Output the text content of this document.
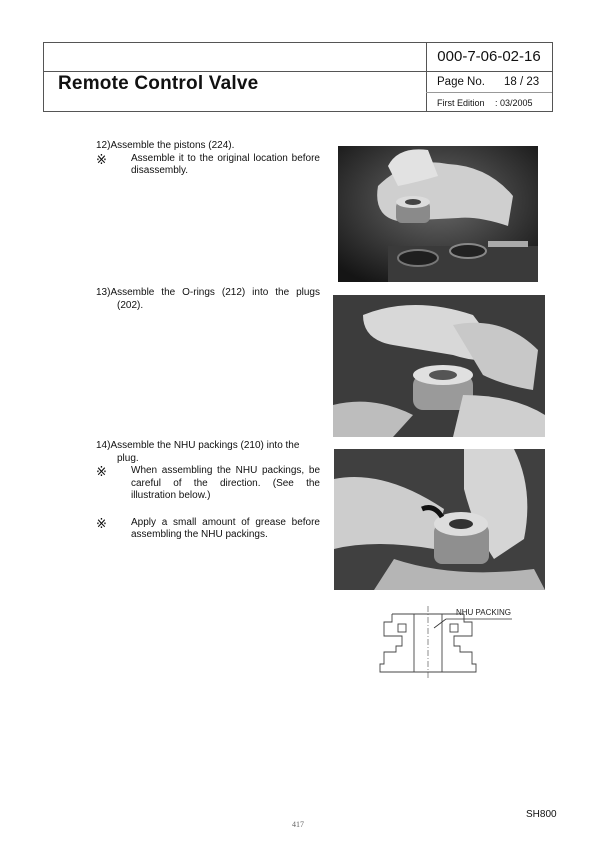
000-7-06-02-16
Remote Control Valve	Page No. 18 / 23
First Edition : 03/2005
12)Assemble the pistons (224).
※ Assemble it to the original location before disassembly.
13)Assemble the O-rings (212) into the plugs (202).
14)Assemble the NHU packings (210) into the plug.
※ When assembling the NHU packings, be careful of the direction. (See the illustration below.)
※ Apply a small amount of grease before assembling the NHU packings.
NHU PACKING
SH800
417
